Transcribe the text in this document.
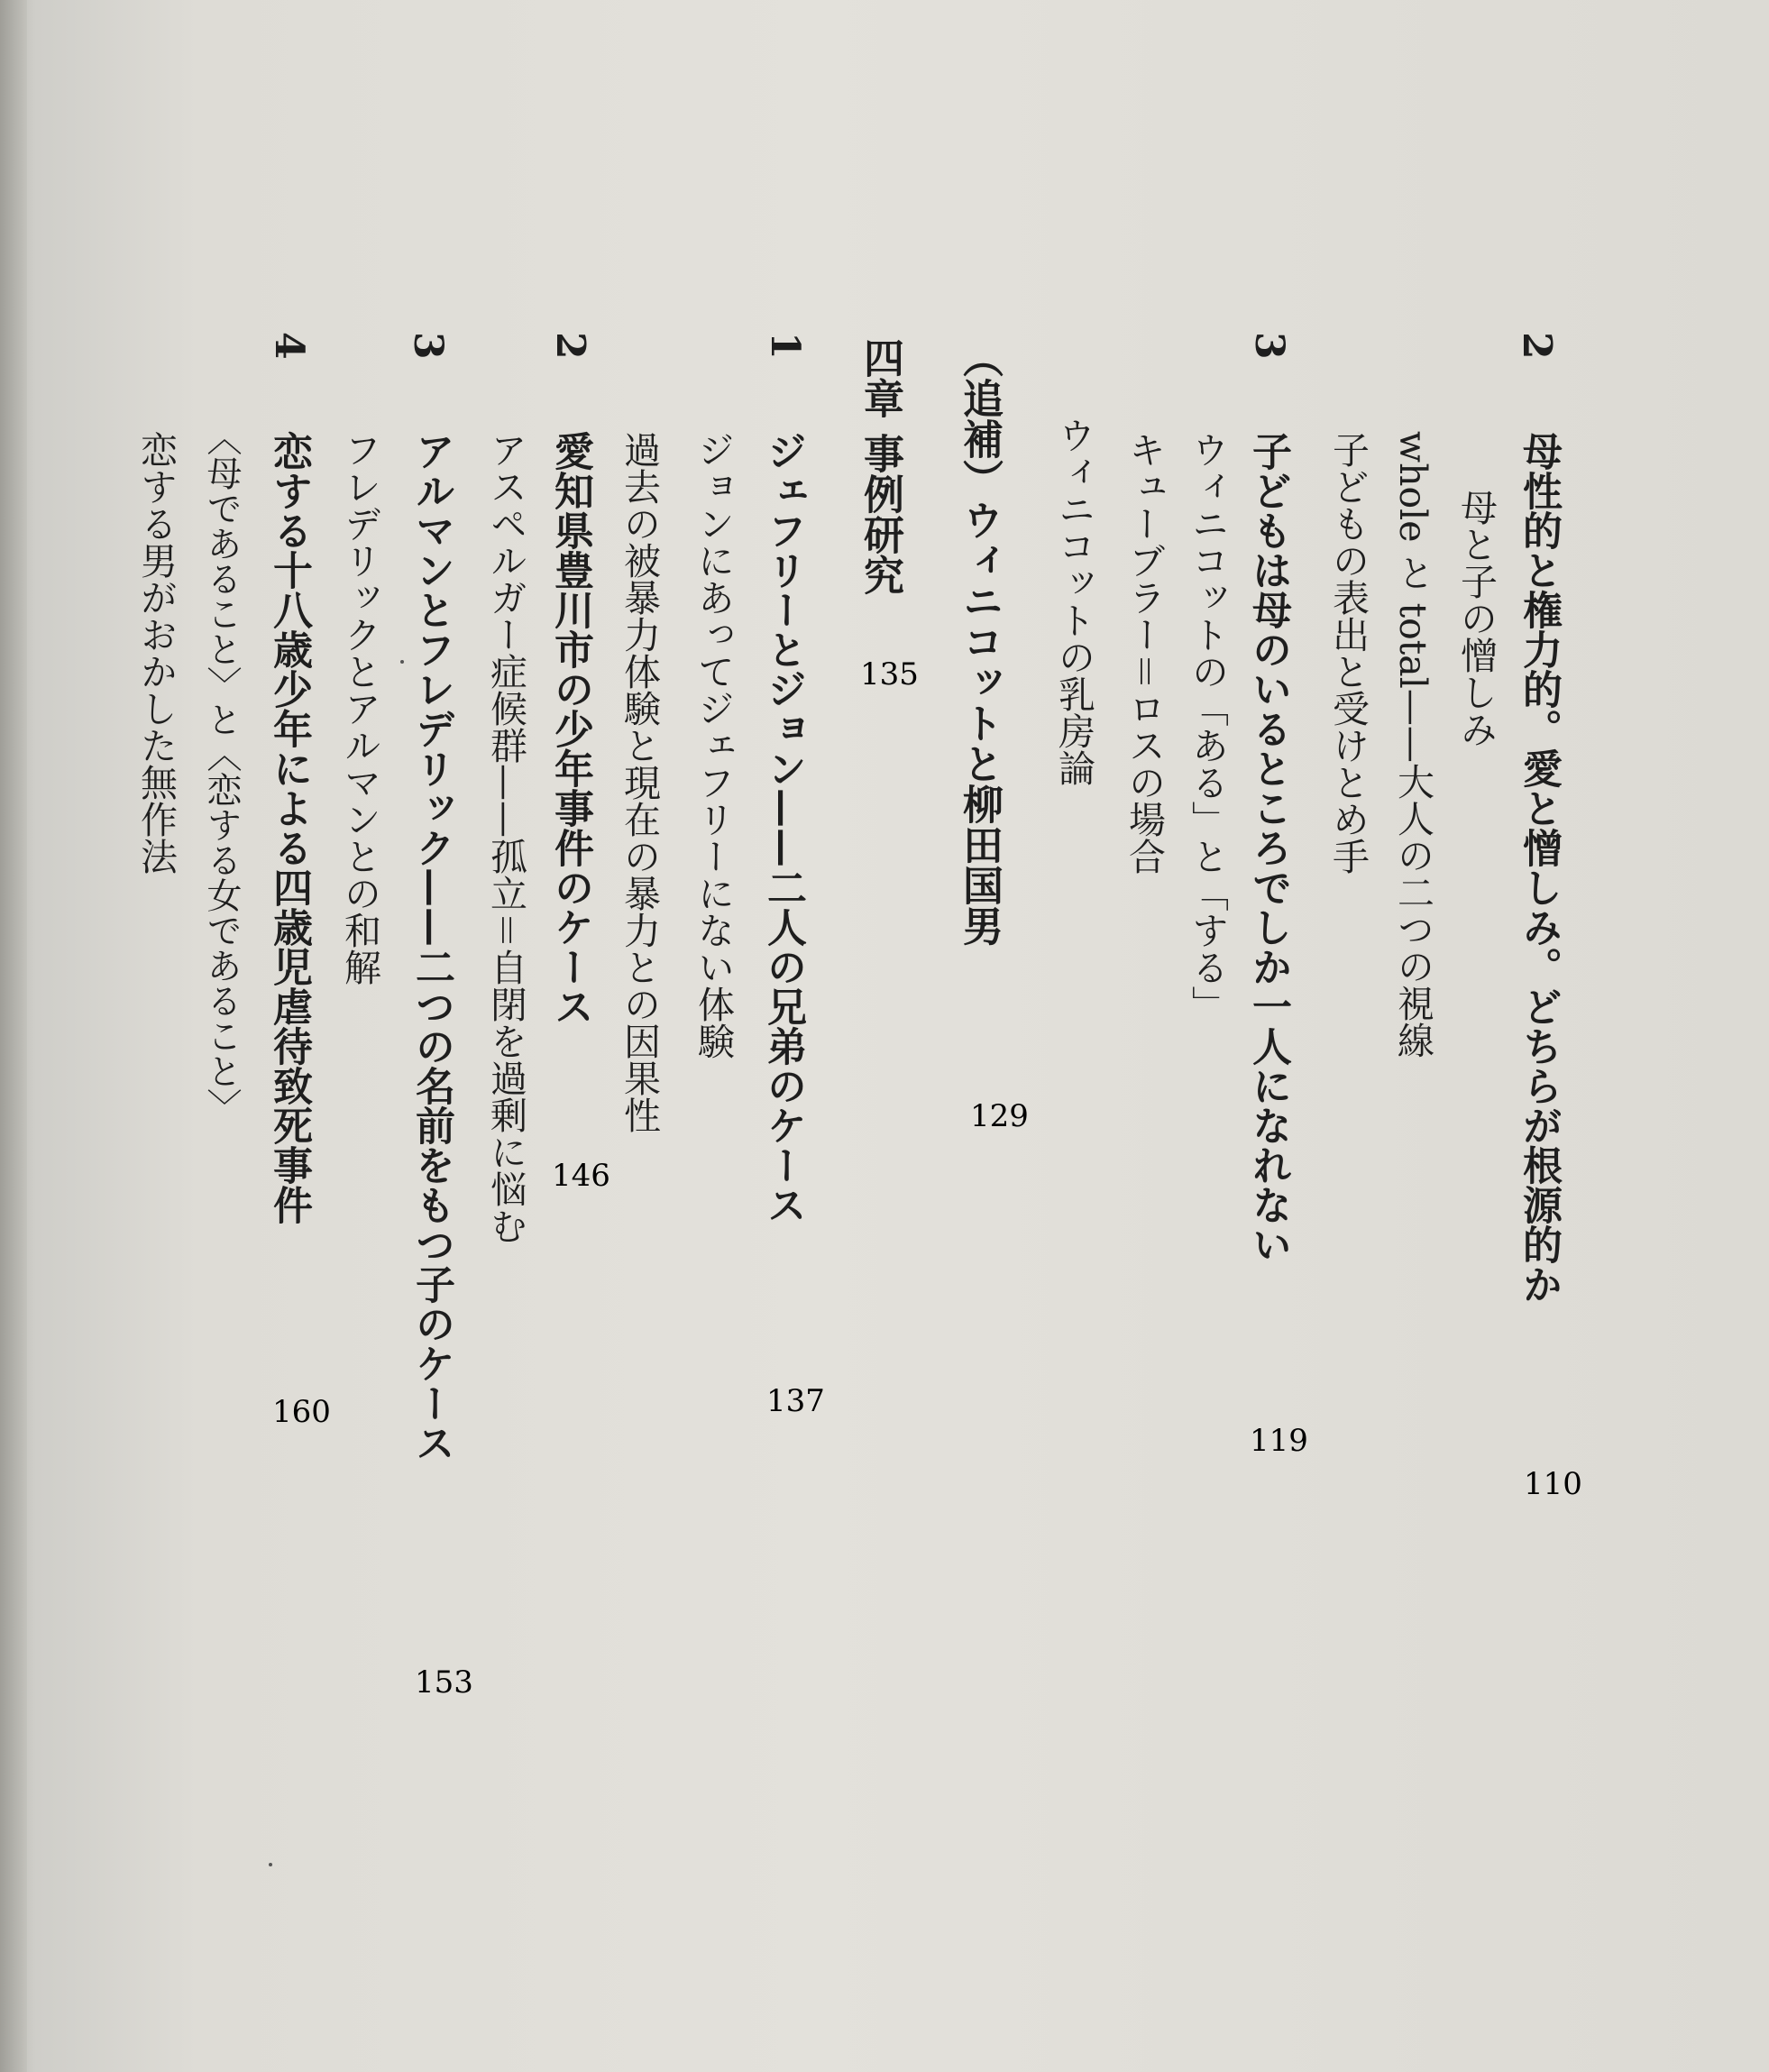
2
母性的と権力的。愛と憎しみ。どちらが根源的か
110
母と子の憎しみ
whole と total——大人の二つの視線
子どもの表出と受けとめ手
3
子どもは母のいるところでしか一人になれない
119
ウィニコットの「ある」と「する」
キューブラー＝ロスの場合
ウィニコットの乳房論
（追補）ウィニコットと柳田国男
129
四章 事例研究
135
1
ジェフリーとジョン——二人の兄弟のケース
137
ジョンにあってジェフリーにない体験
過去の被暴力体験と現在の暴力との因果性
2
愛知県豊川市の少年事件のケース
146
アスペルガー症候群——孤立＝自閉を過剰に悩む
3
アルマンとフレデリック——二つの名前をもつ子のケース
153
フレデリックとアルマンとの和解
4
恋する十八歳少年による四歳児虐待致死事件
160
〈母であること〉と〈恋する女であること〉
恋する男がおかした無作法
